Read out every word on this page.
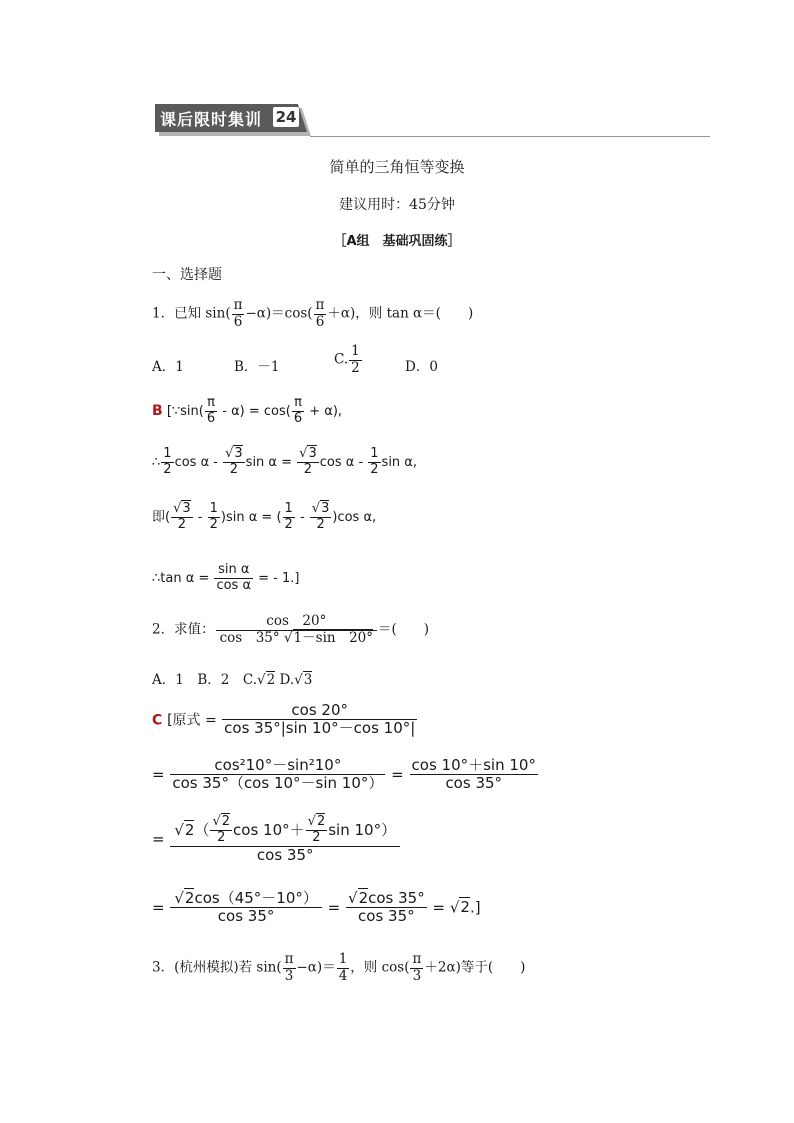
课后限时集训 24
简单的三角恒等变换
建议用时：45分钟
［A组　基础巩固练］
一、选择题
1．已知 $\sin( \frac{\pi}{6} -\alpha)=\cos( \frac{\pi}{6} +\alpha)$，则 tan α＝(　　)
A．1	B．－1	C. $\frac{1}{2}$	D．0
B [∵sin( $\frac{\pi}{6} - \alpha) = \cos( \frac{\pi}{6} + \alpha)$,
∴ $\frac{1}{2}$ cos α - $\frac{√3}{2}$ $\sin \alpha = \frac{√3}{2}$ cos α - $\frac{1}{2}$ sin α,
即( $\frac{√3}{2} - \frac{1}{2} )\sin$ α = ( $\frac{1}{2} - \frac{√3}{2} )\cos$ α,
∴tan $\alpha = \frac{\text{sin α}}{\text{cos α}}$ = - 1.]
2．求值： $\frac{\cos 20^\circ}{\cos 35^\circ √1-\sin 20^\circ}$ ＝(　　)
A．1　B．2　C.√2 D.√3
C [原式 = $\frac{\cos 20^\circ}{\cos 35^\circ|\sin 10^\circ-\cos 10^\circ|}$
= $\frac{\text{cos²10°－sin²10°}}{\cos 35^\circ(\cos 10^\circ-\sin 10^\circ)} = \frac{\cos 10^\circ+\sin 10^\circ}{\cos 35^\circ}$
= $\frac{√2( \frac{√2}{2} \cos 10^\circ+ \frac{√2}{2} \sin 10^\circ)}{\cos 35^\circ}$
= $\frac{√2\cos(45^\circ-10^\circ)}{\cos 35^\circ} = \frac{√2\cos 35^\circ}{\cos 35^\circ} = √2$.]
3．(杭州模拟)若 $\sin( \frac{\pi}{3} -\alpha)= \frac{1}{4}$ ，则 $\cos( \frac{\pi}{3} +2\alpha)$等于(　　)
